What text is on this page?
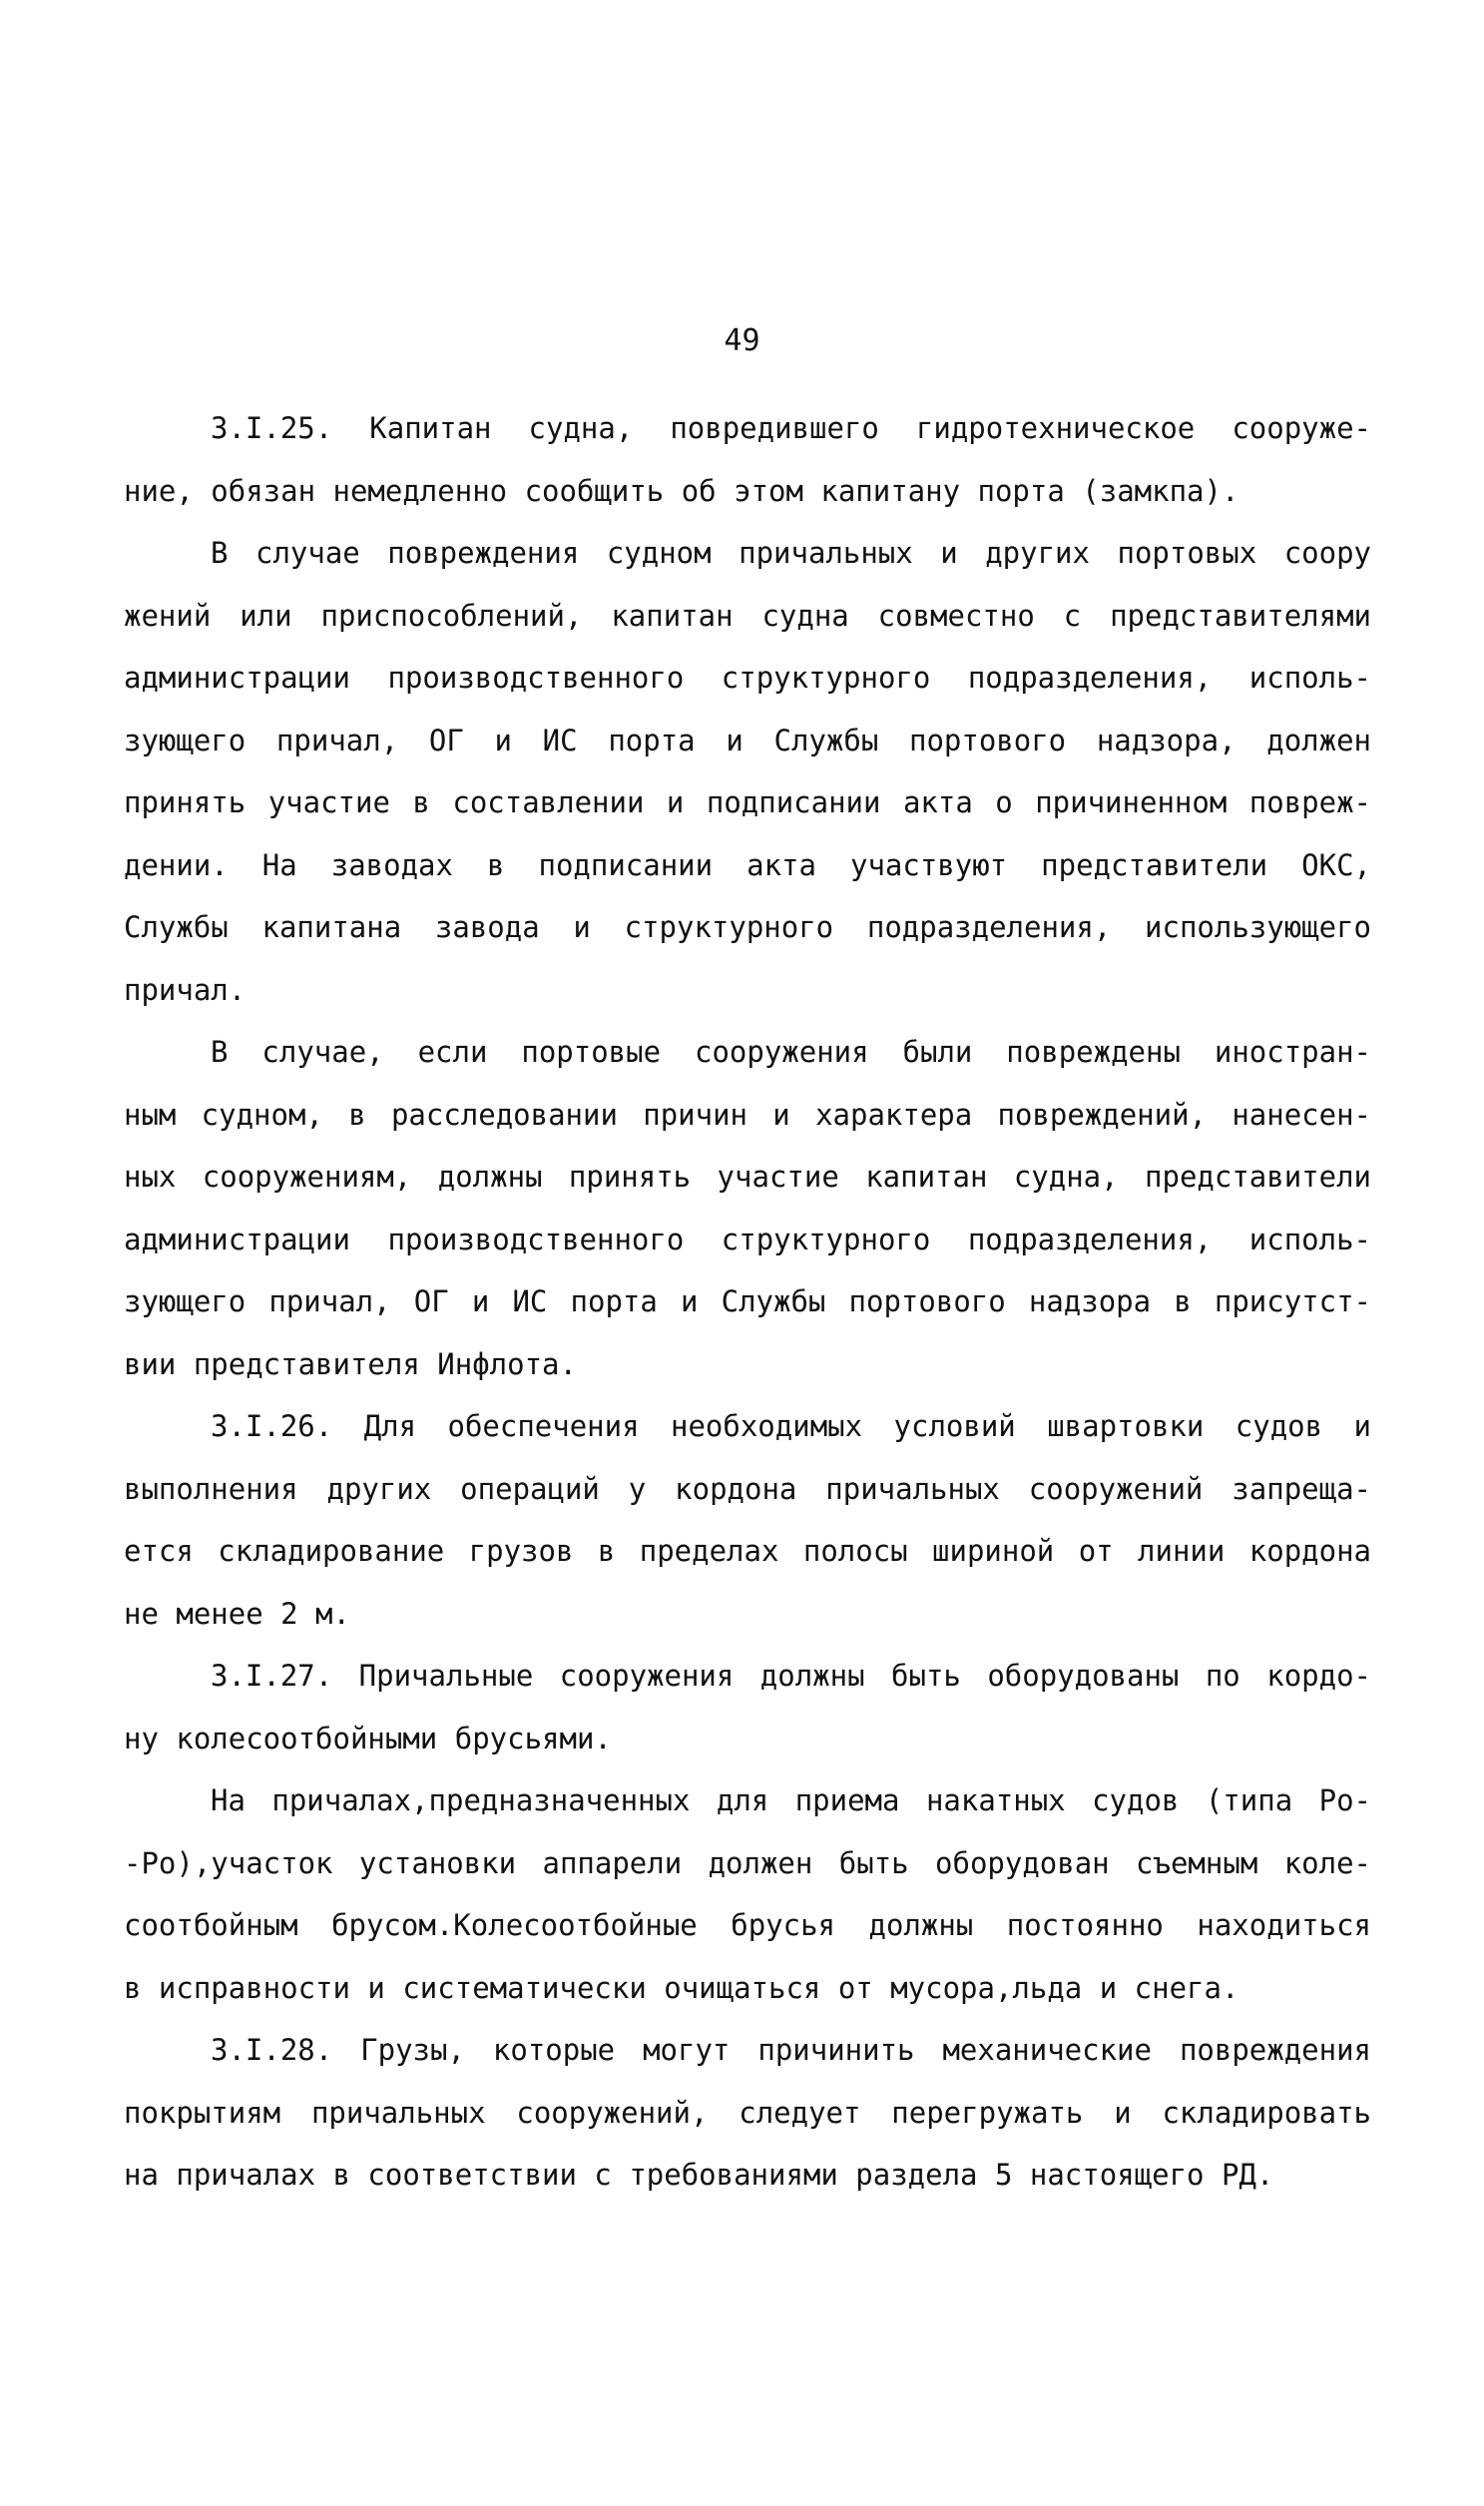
49
3.I.25. Капитан судна, повредившего гидротехническое сооруже-
ние, обязан немедленно сообщить об этом капитану порта (замкпа).
В случае повреждения судном причальных и других портовых соору
жений или приспособлений, капитан судна совместно с представителями
администрации производственного структурного подразделения, исполь-
зующего причал, ОГ и ИС порта и Службы портового надзора, должен
принять участие в составлении и подписании акта о причиненном повреж-
дении. На заводах в подписании акта участвуют представители ОКС,
Службы капитана завода и структурного подразделения, использующего
причал.
В случае, если портовые сооружения были повреждены иностран-
ным судном, в расследовании причин и характера повреждений, нанесен-
ных сооружениям, должны принять участие капитан судна, представители
администрации производственного структурного подразделения, исполь-
зующего причал, ОГ и ИС порта и Службы портового надзора в присутст-
вии представителя Инфлота.
3.I.26. Для обеспечения необходимых условий швартовки судов и
выполнения других операций у кордона причальных сооружений запреща-
ется складирование грузов в пределах полосы шириной от линии кордона
не менее 2 м.
3.I.27. Причальные сооружения должны быть оборудованы по кордо-
ну колесоотбойными брусьями.
На причалах,предназначенных для приема накатных судов (типа Ро-
-Ро),участок установки аппарели должен быть оборудован съемным коле-
соотбойным брусом.Колесоотбойные брусья должны постоянно находиться
в исправности и систематически очищаться от мусора,льда и снега.
3.I.28. Грузы, которые могут причинить механические повреждения
покрытиям причальных сооружений, следует перегружать и складировать
на причалах в соответствии с требованиями раздела 5 настоящего РД.
